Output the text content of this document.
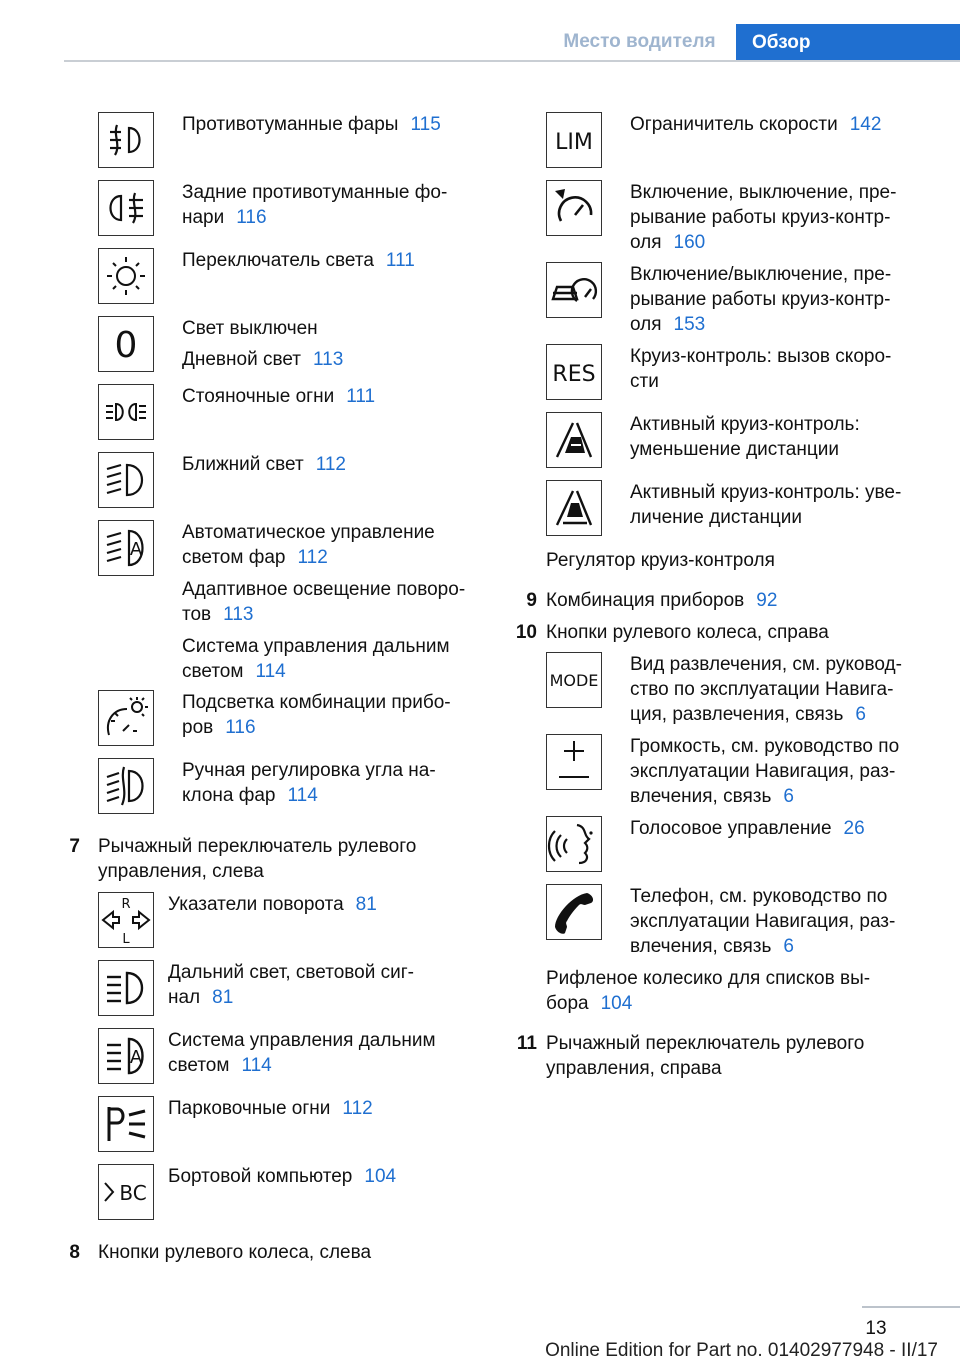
Место водителя	Обзор
Противотуманные фары 115
Задние противотуманные фо-
нари 116
Переключатель света 111
0 Свет выключен
Дневной свет 113
Стояночные огни 111
Ближний свет 112
A
Автоматическое управление
светом фар 112
Адаптивное освещение поворо-
тов 113
Система управления дальним
светом 114
Подсветка комбинации прибо-
ров 116
Ручная регулировка угла на-
клона фар 114
7 Рычажный переключатель рулевого
управления, слева
R
L
Указатели поворота 81
Дальний свет, световой сиг-
нал 81
A
Система управления дальним
светом 114
Парковочные огни 112
BC
Бортовой компьютер 104
8 Кнопки рулевого колеса, слева
LIM
Ограничитель скорости 142
Включение, выключение, пре-
рывание работы круиз-контр-
оля 160
Включение/выключение, пре-
рывание работы круиз-контр-
оля 153
RES
Круиз-контроль: вызов скоро-
сти
Активный круиз-контроль:
уменьшение дистанции
Активный круиз-контроль: уве-
личение дистанции
Регулятор круиз-контроля
9 Комбинация приборов 92
10 Кнопки рулевого колеса, справа
MODE
Вид развлечения, см. руковод-
ство по эксплуатации Навига-
ция, развлечения, связь 6
Громкость, см. руководство по
эксплуатации Навигация, раз-
влечения, связь 6
Голосовое управление 26
Телефон, см. руководство по
эксплуатации Навигация, раз-
влечения, связь 6
Рифленое колесико для списков вы-
бора 104
11 Рычажный переключатель рулевого
управления, справа
13
Online Edition for Part no. 01402977948 - II/17
